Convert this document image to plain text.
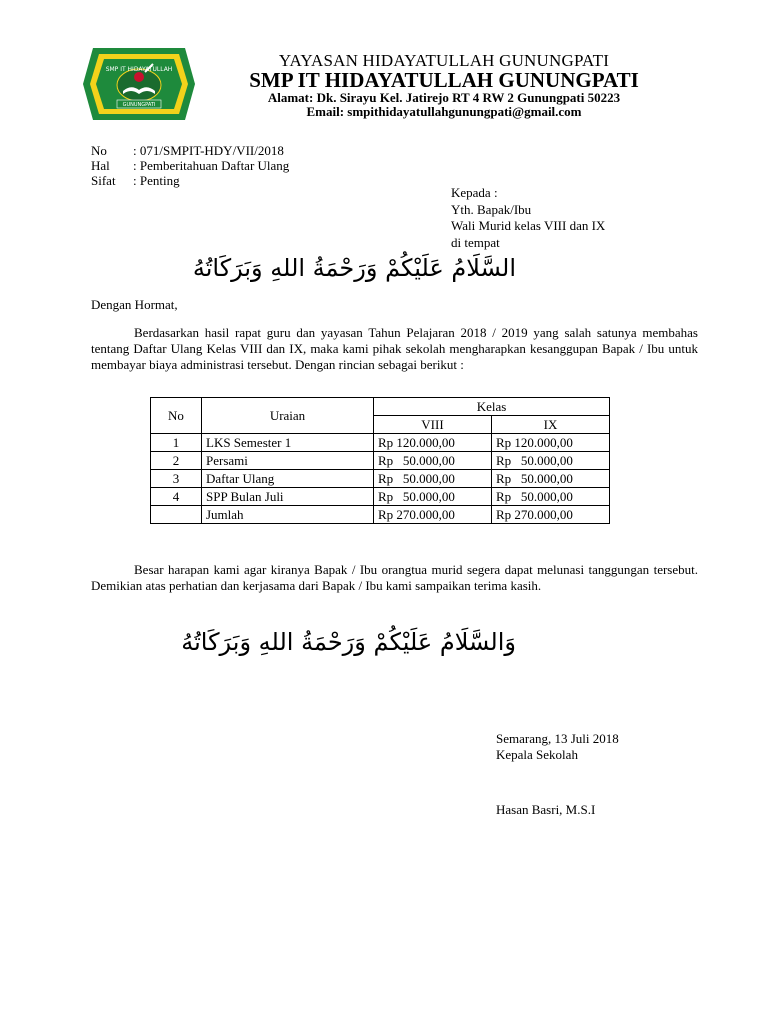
SMP IT HIDAYATULLAH
GUNUNGPATI
YAYASAN HIDAYATULLAH GUNUNGPATI
SMP IT HIDAYATULLAH GUNUNGPATI
Alamat: Dk. Sirayu Kel. Jatirejo RT 4 RW 2 Gunungpati 50223
Email: smpithidayatullahgunungpati@gmail.com
No : 071/SMPIT-HDY/VII/2018
Hal : Pemberitahuan Daftar Ulang
Sifat : Penting
Kepada :
Yth. Bapak/Ibu
Wali Murid kelas VIII dan IX
di tempat
السَّلَامُ عَلَيْكُمْ وَرَحْمَةُ اللهِ وَبَرَكَاتُهُ
Dengan Hormat,
Berdasarkan hasil rapat guru dan yayasan Tahun Pelajaran 2018 / 2019 yang salah satunya membahas tentang Daftar Ulang Kelas VIII dan IX, maka kami pihak sekolah mengharapkan kesanggupan Bapak / Ibu untuk membayar biaya administrasi tersebut. Dengan rincian sebagai berikut :
No	Uraian	Kelas	
		VIII	IX
1	LKS Semester 1	Rp 120.000,00	Rp 120.000,00
2	Persami	Rp   50.000,00	Rp   50.000,00
3	Daftar Ulang	Rp   50.000,00	Rp   50.000,00
4	SPP Bulan Juli	Rp   50.000,00	Rp   50.000,00
	Jumlah	Rp 270.000,00	Rp 270.000,00
Besar harapan kami agar kiranya Bapak / Ibu orangtua murid segera dapat melunasi tanggungan tersebut. Demikian atas perhatian dan kerjasama dari Bapak / Ibu kami sampaikan terima kasih.
وَالسَّلَامُ عَلَيْكُمْ وَرَحْمَةُ اللهِ وَبَرَكَاتُهُ
Semarang, 13 Juli 2018
Kepala Sekolah
Hasan Basri, M.S.I
